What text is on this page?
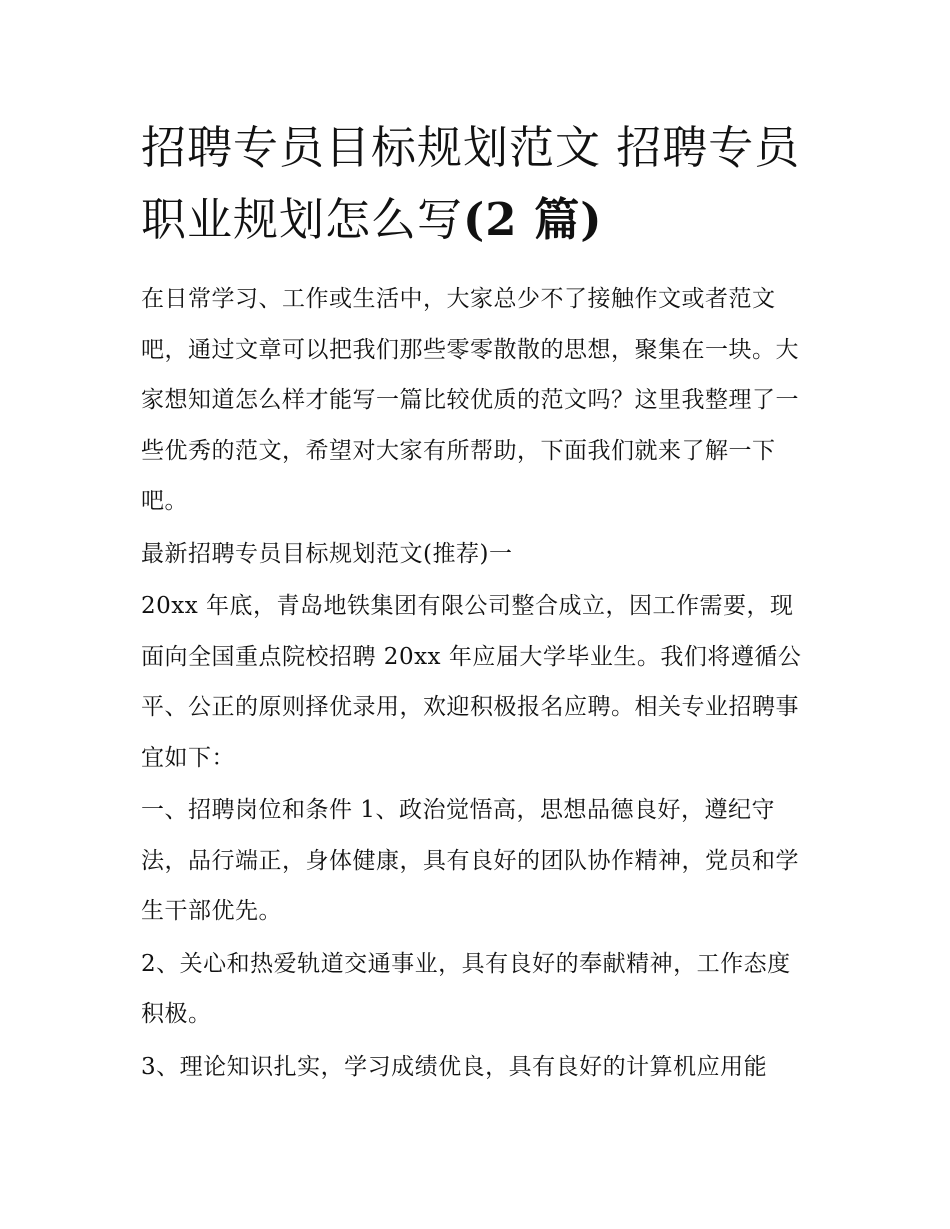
招聘专员目标规划范文 招聘专员职业规划怎么写(2 篇)

在日常学习、工作或生活中，大家总少不了接触作文或者范文吧，通过文章可以把我们那些零零散散的思想，聚集在一块。大家想知道怎么样才能写一篇比较优质的范文吗？这里我整理了一些优秀的范文，希望对大家有所帮助，下面我们就来了解一下吧。

最新招聘专员目标规划范文(推荐)一

20xx 年底，青岛地铁集团有限公司整合成立，因工作需要，现面向全国重点院校招聘 20xx 年应届大学毕业生。我们将遵循公平、公正的原则择优录用，欢迎积极报名应聘。相关专业招聘事宜如下：

一、招聘岗位和条件 1、政治觉悟高，思想品德良好，遵纪守法，品行端正，身体健康，具有良好的团队协作精神，党员和学生干部优先。

2、关心和热爱轨道交通事业，具有良好的奉献精神，工作态度积极。

3、理论知识扎实，学习成绩优良，具有良好的计算机应用能
